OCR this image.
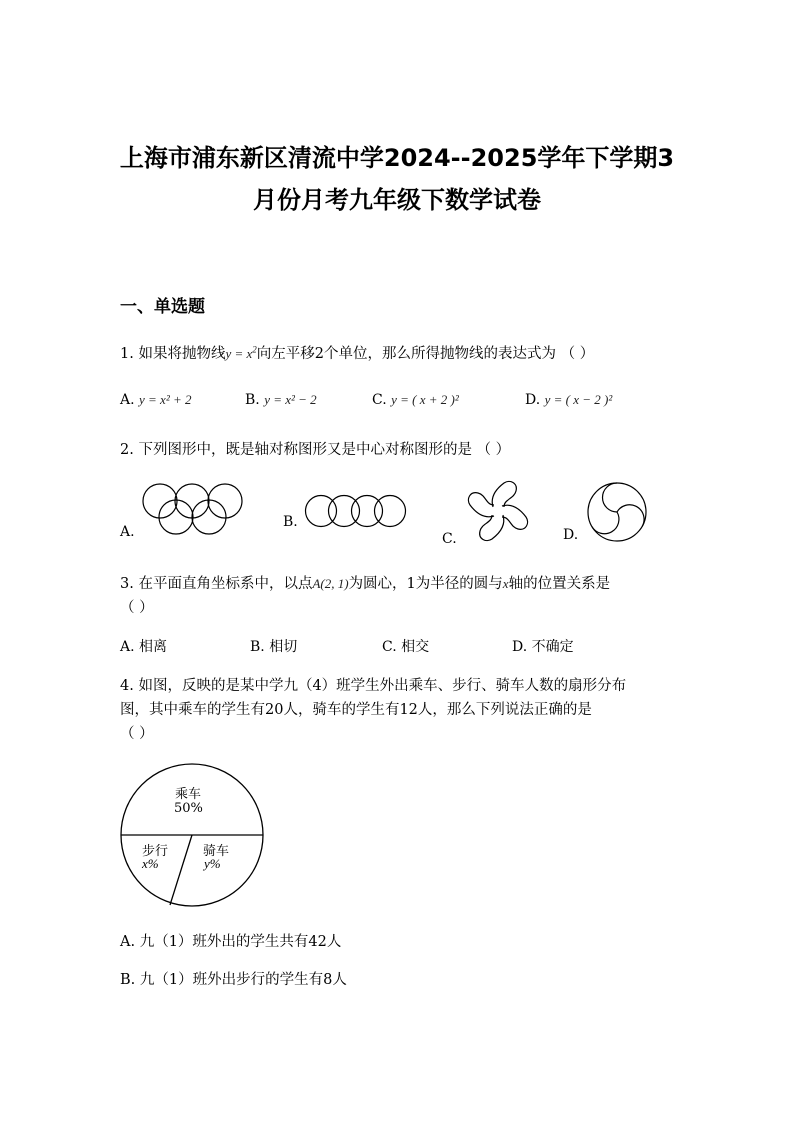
上海市浦东新区清流中学2024--2025学年下学期3
月份月考九年级下数学试卷
一、单选题
1. 如果将抛物线$y = x^2$向左平移2个单位，那么所得抛物线的表达式为 （ ）
A. y = x² + 2	B. y = x² − 2	C. y = ( x + 2 )²	D. y = ( x − 2 )²
2. 下列图形中，既是轴对称图形又是中心对称图形的是 （ ）
A.
B.
C.	D.
3. 在平面直角坐标系中，以点A(2, 1)为圆心，1为半径的圆与x轴的位置关系是
（ ）
A. 相离	B. 相切	C. 相交	D. 不确定
4. 如图，反映的是某中学九（4）班学生外出乘车、步行、骑车人数的扇形分布
图，其中乘车的学生有20人，骑车的学生有12人，那么下列说法正确的是
（ ）
乘车
50%
步行
x%
骑车
y%
A. 九（1）班外出的学生共有42人
B. 九（1）班外出步行的学生有8人
